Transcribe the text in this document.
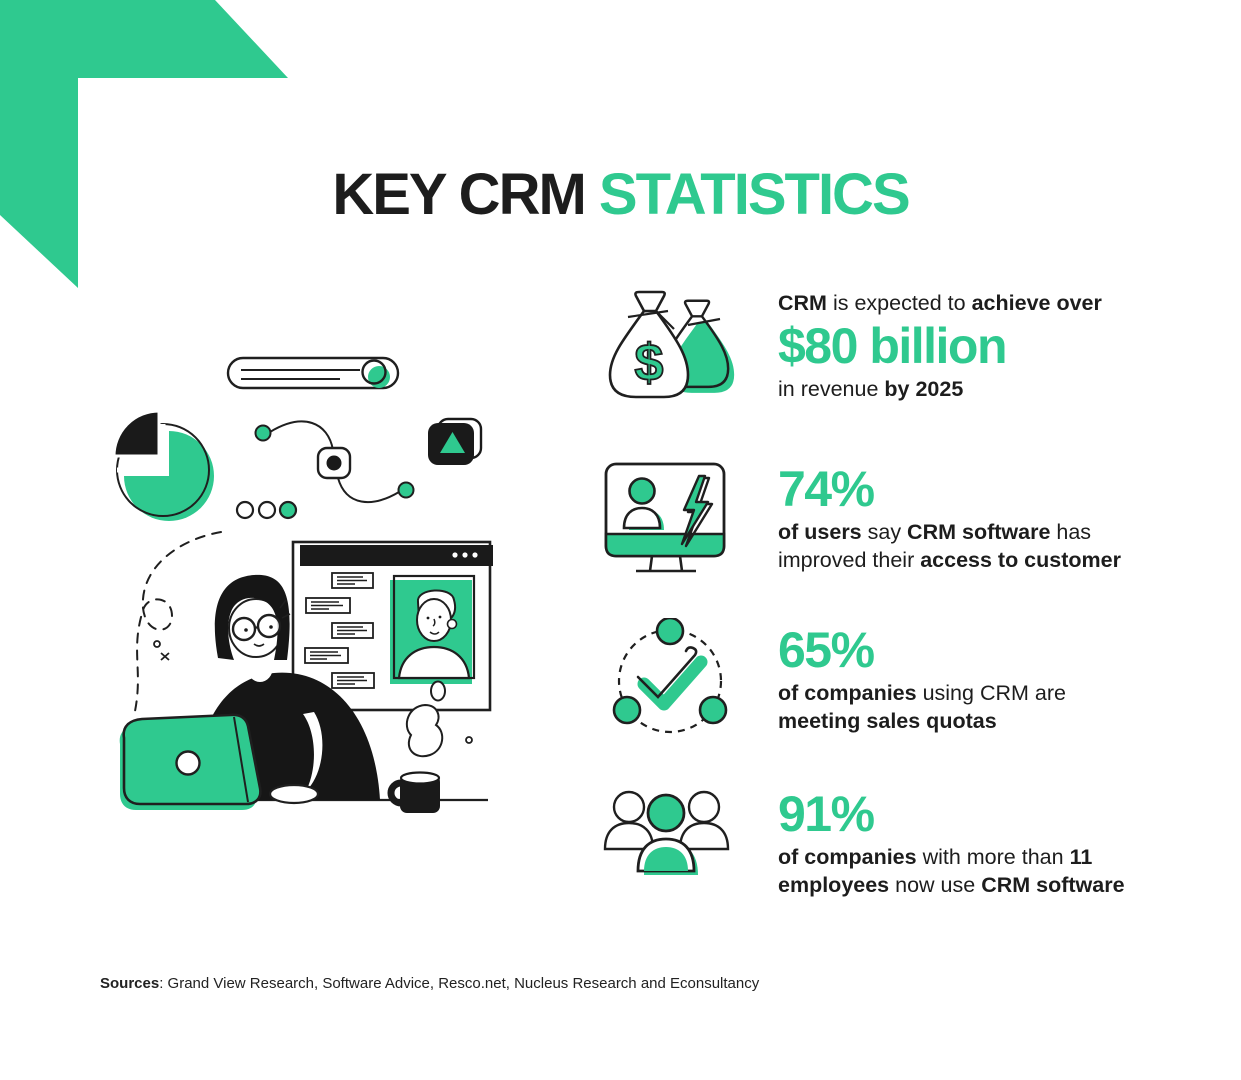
KEY CRM STATISTICS
$
CRM is expected to achieve over
$80 billion
in revenue by 2025
74%
of users say CRM software has
improved their access to customer
65%
of companies using CRM are
meeting sales quotas
91%
of companies with more than 11
employees now use CRM software
Sources: Grand View Research, Software Advice, Resco.net, Nucleus Research and Econsultancy
